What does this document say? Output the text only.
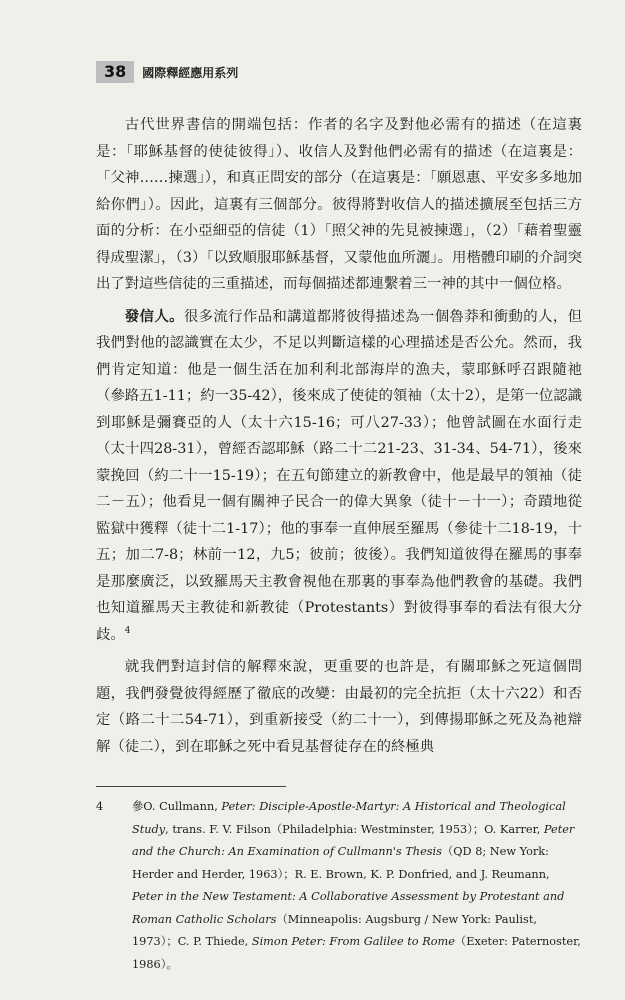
38	國際釋經應用系列

古代世界書信的開端包括：作者的名字及對他必需有的描述（在這裏是：「耶穌基督的使徒彼得」）、收信人及對他們必需有的描述（在這裏是：「父神……揀選」），和真正問安的部分（在這裏是：「願恩惠、平安多多地加給你們」）。因此，這裏有三個部分。彼得將對收信人的描述擴展至包括三方面的分析：在小亞細亞的信徒（1）「照父神的先見被揀選」，（2）「藉着聖靈得成聖潔」，（3）「以致順服耶穌基督，又蒙他血所灑」。用楷體印刷的介詞突出了對這些信徒的三重描述，而每個描述都連繫着三一神的其中一個位格。

發信人。很多流行作品和講道都將彼得描述為一個魯莽和衝動的人，但我們對他的認識實在太少，不足以判斷這樣的心理描述是否公允。然而，我們肯定知道：他是一個生活在加利利北部海岸的漁夫，蒙耶穌呼召跟隨祂（參路五1-11；約一35-42），後來成了使徒的領袖（太十2），是第一位認識到耶穌是彌賽亞的人（太十六15-16；可八27-33）；他曾試圖在水面行走（太十四28-31），曾經否認耶穌（路二十二21-23、31-34、54-71），後來蒙挽回（約二十一15-19）；在五旬節建立的新教會中，他是最早的領袖（徒二－五）；他看見一個有關神子民合一的偉大異象（徒十－十一）；奇蹟地從監獄中獲釋（徒十二1-17）；他的事奉一直伸展至羅馬（參徒十二18-19，十五；加二7-8；林前一12，九5；彼前；彼後）。我們知道彼得在羅馬的事奉是那麼廣泛，以致羅馬天主教會視他在那裏的事奉為他們教會的基礎。我們也知道羅馬天主教徒和新教徒（Protestants）對彼得事奉的看法有很大分歧。$^4$

就我們對這封信的解釋來說，更重要的也許是，有關耶穌之死這個問題，我們發覺彼得經歷了徹底的改變：由最初的完全抗拒（太十六22）和否定（路二十二54-71），到重新接受（約二十一），到傳揚耶穌之死及為祂辯解（徒二），到在耶穌之死中看見基督徒存在的終極典

4	參O. Cullmann, Peter: Disciple-Apostle-Martyr: A Historical and Theological Study, trans. F. V. Filson（Philadelphia: Westminster, 1953）；O. Karrer, Peter and the Church: An Examination of Cullmann's Thesis（QD 8; New York: Herder and Herder, 1963）；R. E. Brown, K. P. Donfried, and J. Reumann, Peter in the New Testament: A Collaborative Assessment by Protestant and Roman Catholic Scholars（Minneapolis: Augsburg / New York: Paulist, 1973）；C. P. Thiede, Simon Peter: From Galilee to Rome（Exeter: Paternoster, 1986）。
